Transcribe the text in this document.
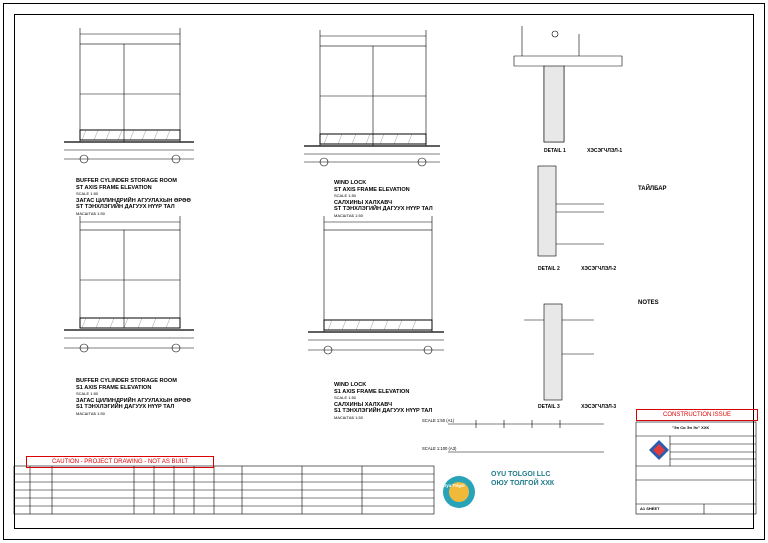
BUFFER CYLINDER STORAGE ROOM
ST AXIS FRAME ELEVATION
SCALE 1:50
ЗАГАС ЦИЛИНДРИЙН АГУУЛАХЫН ӨРӨӨ
ST ТЭНХЛЭГИЙН ДАГУУХ НҮҮР ТАЛ
МАСШТАБ 1:50
WIND LOCK
ST AXIS FRAME ELEVATION
SCALE 1:50
САЛХИНЫ ХАЛХАВЧ
ST ТЭНХЛЭГИЙН ДАГУУХ НҮҮР ТАЛ
МАСШТАБ 1:50
BUFFER CYLINDER STORAGE ROOM
S1 AXIS FRAME ELEVATION
SCALE 1:50
ЗАГАС ЦИЛИНДРИЙН АГУУЛАХЫН ӨРӨӨ
S1 ТЭНХЛЭГИЙН ДАГУУХ НҮҮР ТАЛ
МАСШТАБ 1:50
WIND LOCK
S1 AXIS FRAME ELEVATION
SCALE 1:50
САЛХИНЫ ХАЛХАВЧ
S1 ТЭНХЛЭГИЙН ДАГУУХ НҮҮР ТАЛ
МАСШТАБ 1:50
DETAIL 1	ХЭСЭГЧЛЭЛ-1
DETAIL 2	ХЭСЭГЧЛЭЛ-2
DETAIL 3	ХЭСЭГЧЛЭЛ-3
ТАЙЛБАР
NOTES
SCALE 1:50 (A1)
SCALE 1:100 (A3)
CAUTION - PROJECT DRAWING - NOT AS BUILT
CONSTRUCTION ISSUE
Oyu Tolgoi
OYU TOLGOI LLC
ОЮУ ТОЛГОЙ ХХК
"Эн Си Эн Эс" ХХК
А1 SHEET
